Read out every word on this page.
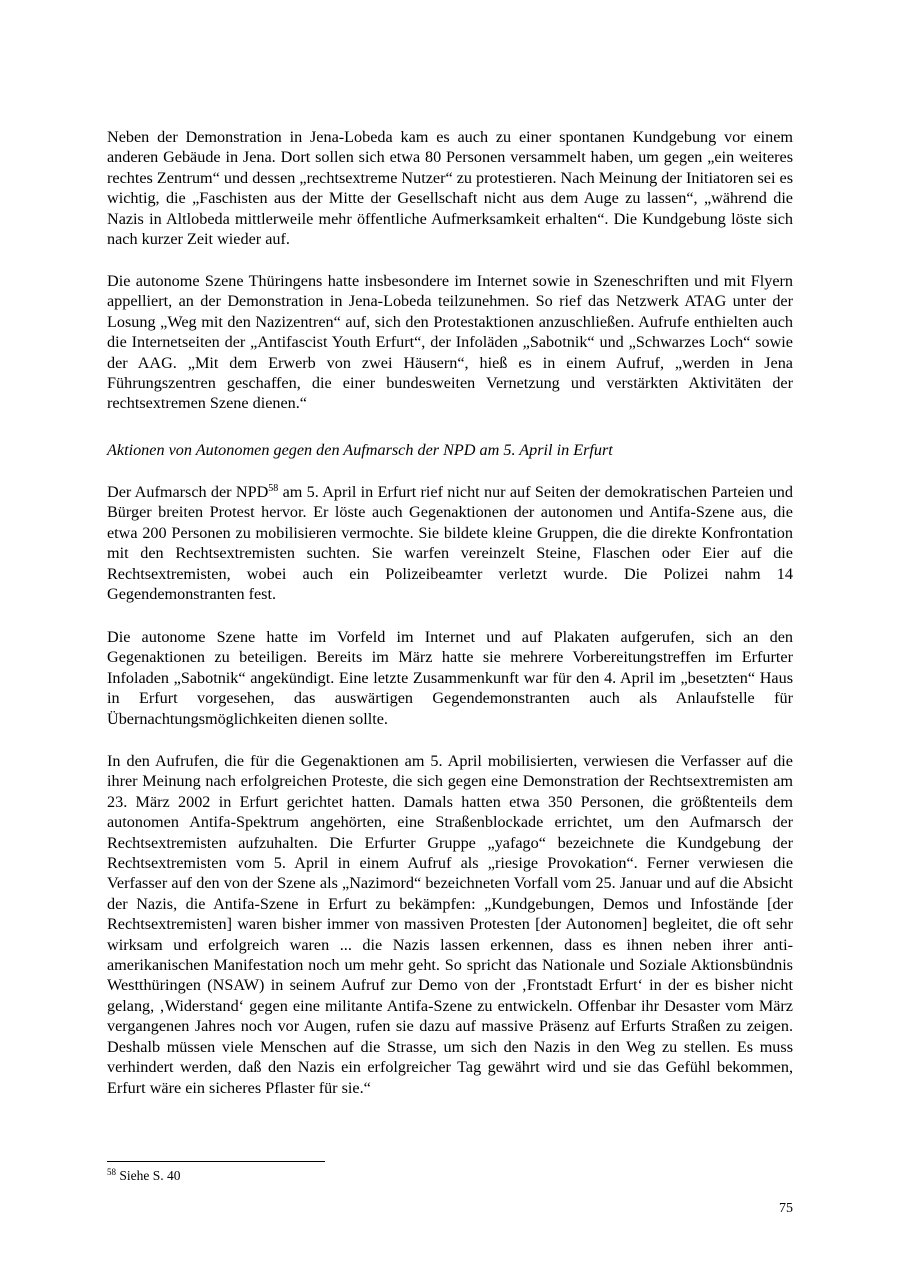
Neben der Demonstration in Jena-Lobeda kam es auch zu einer spontanen Kundgebung vor einem anderen Gebäude in Jena. Dort sollen sich etwa 80 Personen versammelt haben, um gegen „ein weiteres rechtes Zentrum“ und dessen „rechtsextreme Nutzer“ zu protestieren. Nach Meinung der Initiatoren sei es wichtig, die „Faschisten aus der Mitte der Gesellschaft nicht aus dem Auge zu lassen“, „während die Nazis in Altlobeda mittlerweile mehr öffentliche Aufmerksamkeit erhalten“. Die Kundgebung löste sich nach kurzer Zeit wieder auf.

Die autonome Szene Thüringens hatte insbesondere im Internet sowie in Szeneschriften und mit Flyern appelliert, an der Demonstration in Jena-Lobeda teilzunehmen. So rief das Netzwerk ATAG unter der Losung „Weg mit den Nazizentren“ auf, sich den Protestaktionen anzuschließen. Aufrufe enthielten auch die Internetseiten der „Antifascist Youth Erfurt“, der Infoläden „Sabotnik“ und „Schwarzes Loch“ sowie der AAG. „Mit dem Erwerb von zwei Häusern“, hieß es in einem Aufruf, „werden in Jena Führungszentren geschaffen, die einer bundesweiten Vernetzung und verstärkten Aktivitäten der rechtsextremen Szene dienen.“

Aktionen von Autonomen gegen den Aufmarsch der NPD am 5. April in Erfurt

Der Aufmarsch der NPD$^{58}$ am 5. April in Erfurt rief nicht nur auf Seiten der demokratischen Parteien und Bürger breiten Protest hervor. Er löste auch Gegenaktionen der autonomen und Antifa-Szene aus, die etwa 200 Personen zu mobilisieren vermochte. Sie bildete kleine Gruppen, die die direkte Konfrontation mit den Rechtsextremisten suchten. Sie warfen vereinzelt Steine, Flaschen oder Eier auf die Rechtsextremisten, wobei auch ein Polizeibeamter verletzt wurde. Die Polizei nahm 14 Gegendemonstranten fest.

Die autonome Szene hatte im Vorfeld im Internet und auf Plakaten aufgerufen, sich an den Gegenaktionen zu beteiligen. Bereits im März hatte sie mehrere Vorbereitungstreffen im Erfurter Infoladen „Sabotnik“ angekündigt. Eine letzte Zusammenkunft war für den 4. April im „besetzten“ Haus in Erfurt vorgesehen, das auswärtigen Gegendemonstranten auch als Anlaufstelle für Übernachtungsmöglichkeiten dienen sollte.

In den Aufrufen, die für die Gegenaktionen am 5. April mobilisierten, verwiesen die Verfasser auf die ihrer Meinung nach erfolgreichen Proteste, die sich gegen eine Demonstration der Rechtsextremisten am 23. März 2002 in Erfurt gerichtet hatten. Damals hatten etwa 350 Personen, die größtenteils dem autonomen Antifa-Spektrum angehörten, eine Straßenblockade errichtet, um den Aufmarsch der Rechtsextremisten aufzuhalten. Die Erfurter Gruppe „yafago“ bezeichnete die Kundgebung der Rechtsextremisten vom 5. April in einem Aufruf als „riesige Provokation“. Ferner verwiesen die Verfasser auf den von der Szene als „Nazimord“ bezeichneten Vorfall vom 25. Januar und auf die Absicht der Nazis, die Antifa-Szene in Erfurt zu bekämpfen: „Kundgebungen, Demos und Infostände [der Rechtsextremisten] waren bisher immer von massiven Protesten [der Autonomen] begleitet, die oft sehr wirksam und erfolgreich waren ... die Nazis lassen erkennen, dass es ihnen neben ihrer anti-amerikanischen Manifestation noch um mehr geht. So spricht das Nationale und Soziale Aktionsbündnis Westthüringen (NSAW) in seinem Aufruf zur Demo von der ‚Frontstadt Erfurt‘ in der es bisher nicht gelang, ‚Widerstand‘ gegen eine militante Antifa-Szene zu entwickeln. Offenbar ihr Desaster vom März vergangenen Jahres noch vor Augen, rufen sie dazu auf massive Präsenz auf Erfurts Straßen zu zeigen. Deshalb müssen viele Menschen auf die Strasse, um sich den Nazis in den Weg zu stellen. Es muss verhindert werden, daß den Nazis ein erfolgreicher Tag gewährt wird und sie das Gefühl bekommen, Erfurt wäre ein sicheres Pflaster für sie.“

$^{58}$ Siehe S. 40

75
